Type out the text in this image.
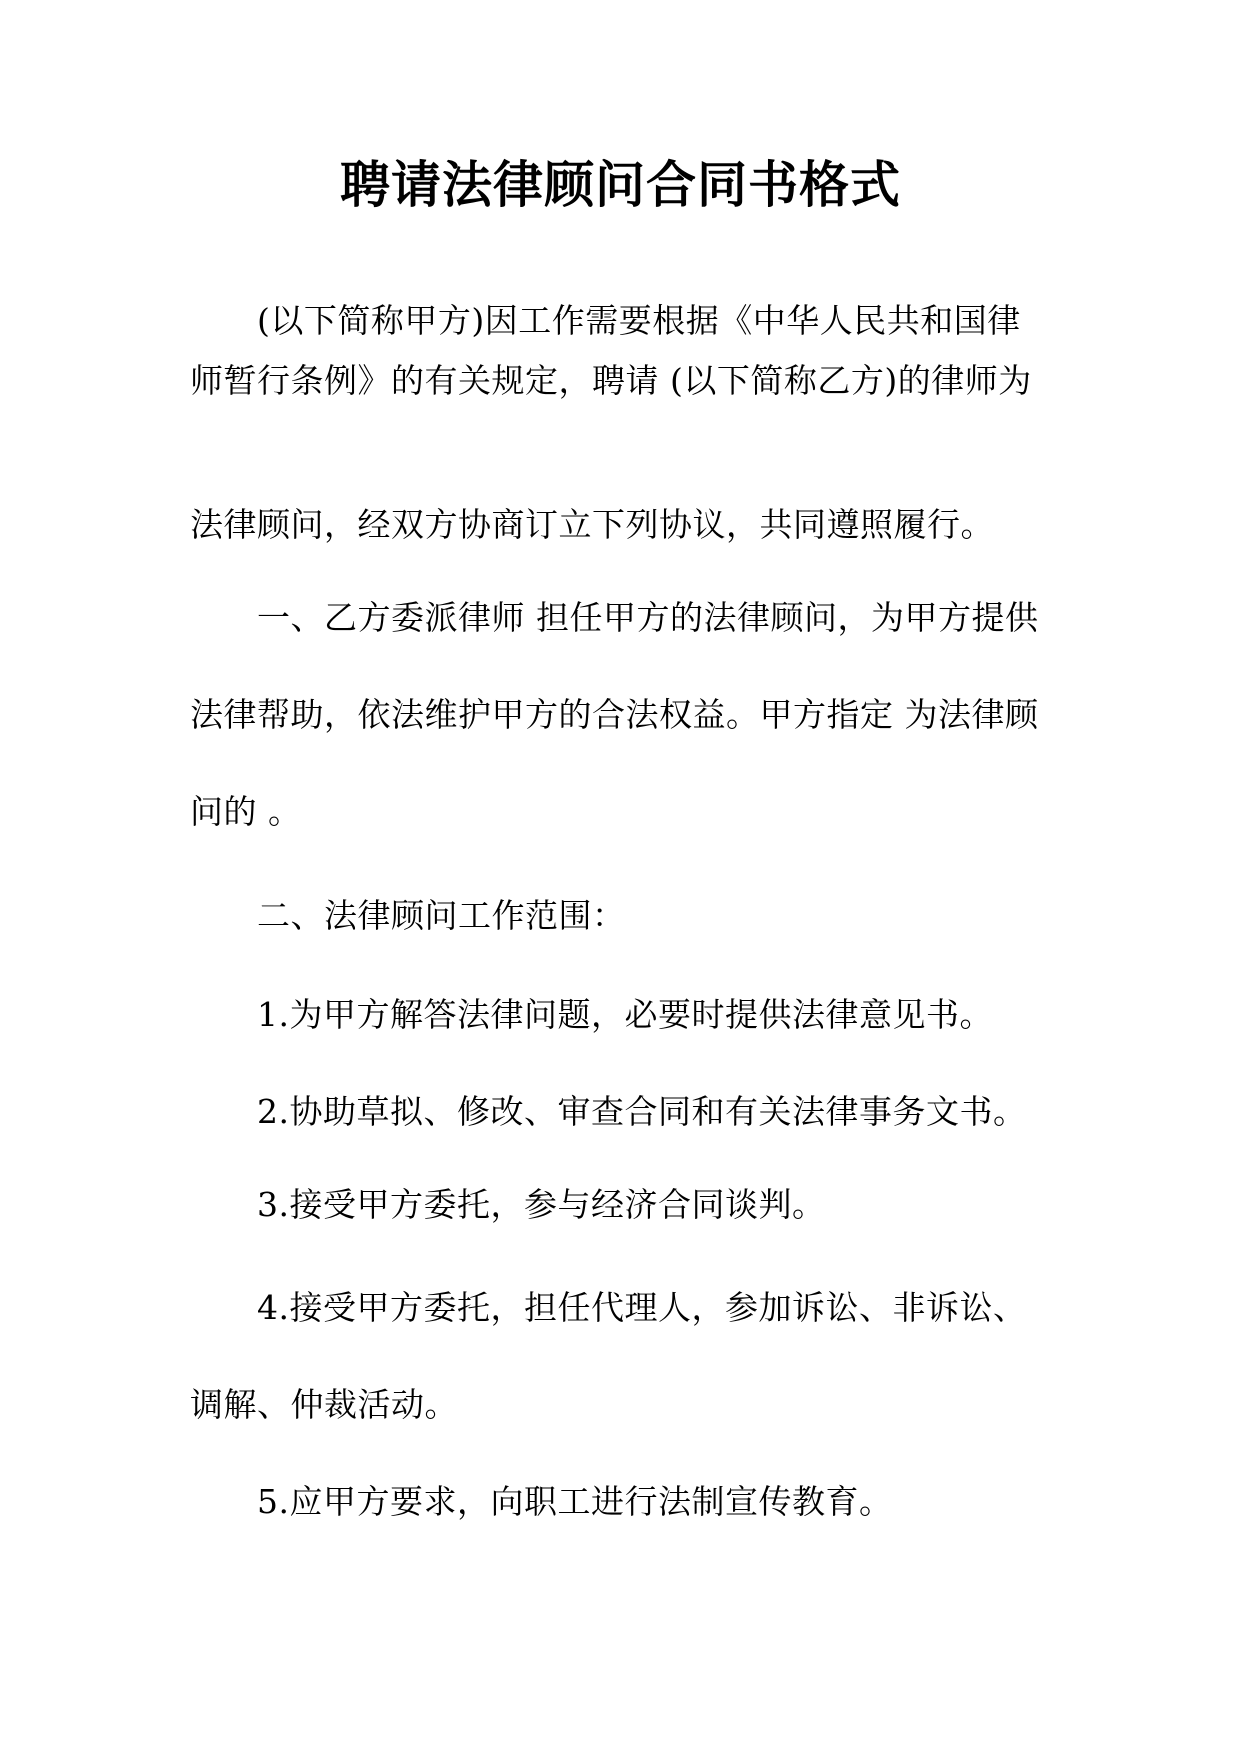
聘请法律顾问合同书格式

(以下简称甲方)因工作需要根据《中华人民共和国律

师暂行条例》的有关规定，聘请 (以下简称乙方)的律师为

法律顾问，经双方协商订立下列协议，共同遵照履行。

一、乙方委派律师 担任甲方的法律顾问，为甲方提供

法律帮助，依法维护甲方的合法权益。甲方指定 为法律顾

问的 。

二、法律顾问工作范围：

1.为甲方解答法律问题，必要时提供法律意见书。

2.协助草拟、修改、审查合同和有关法律事务文书。

3.接受甲方委托，参与经济合同谈判。

4.接受甲方委托，担任代理人，参加诉讼、非诉讼、

调解、仲裁活动。

5.应甲方要求，向职工进行法制宣传教育。
